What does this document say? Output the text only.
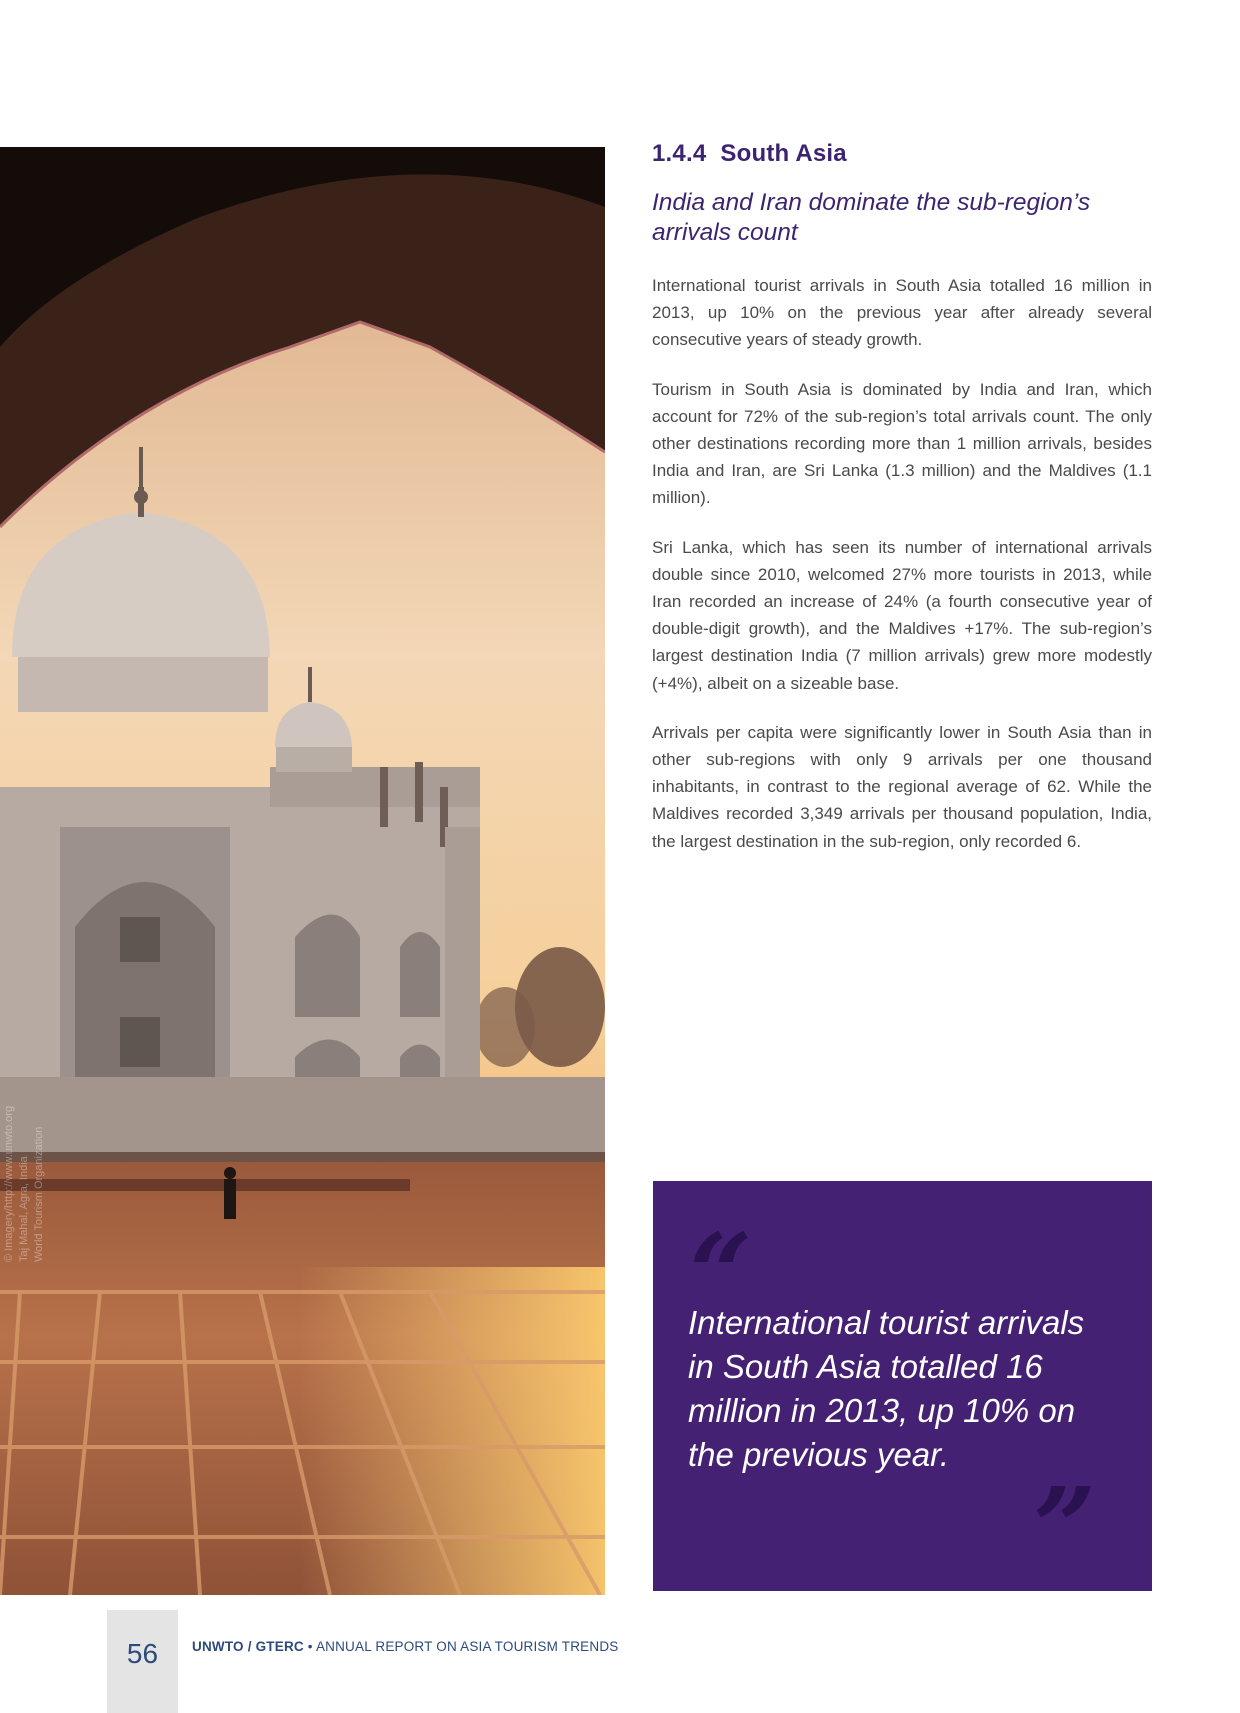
© Imagery/http://www.unwto.org Taj Mahal, Agra, India World Tourism Organization
1.4.4 South Asia
India and Iran dominate the sub-region’s arrivals count

International tourist arrivals in South Asia totalled 16 million in 2013, up 10% on the previous year after already several consecutive years of steady growth.

Tourism in South Asia is dominated by India and Iran, which account for 72% of the sub-region’s total arrivals count. The only other destinations recording more than 1 million arrivals, besides India and Iran, are Sri Lanka (1.3 million) and the Maldives (1.1 million).

Sri Lanka, which has seen its number of international arrivals double since 2010, welcomed 27% more tourists in 2013, while Iran recorded an increase of 24% (a fourth consecutive year of double-digit growth), and the Maldives +17%. The sub-region’s largest destination India (7 million arrivals) grew more modestly (+4%), albeit on a sizeable base.

Arrivals per capita were significantly lower in South Asia than in other sub-regions with only 9 arrivals per one thousand inhabitants, in contrast to the regional average of 62. While the Maldives recorded 3,349 arrivals per thousand population, India, the largest destination in the sub-region, only recorded 6.

“
International tourist arrivals in South Asia totalled 16 million in 2013, up 10% on the previous year.
”
56	UNWTO / GTERC • ANNUAL REPORT ON ASIA TOURISM TRENDS
